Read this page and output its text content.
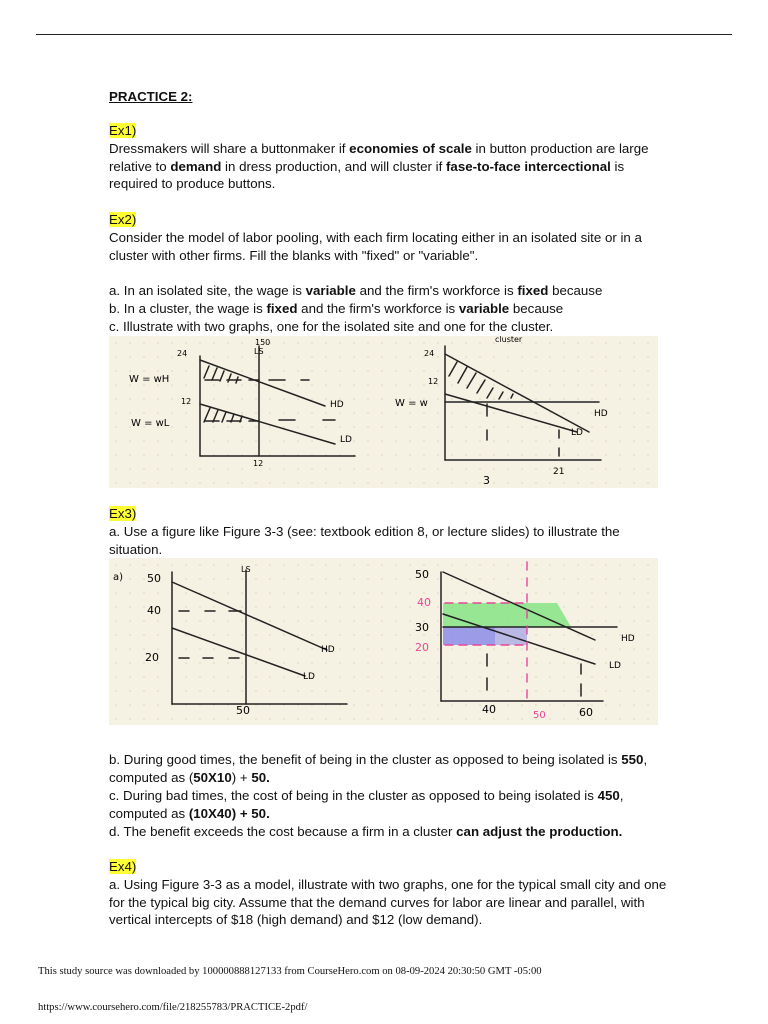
PRACTICE 2:
Ex1)
Dressmakers will share a buttonmaker if economies of scale in button production are large relative to demand in dress production, and will cluster if fase-to-face intercectional is required to produce buttons.
Ex2)
Consider the model of labor pooling, with each firm locating either in an isolated site or in a cluster with other firms. Fill the blanks with "fixed" or "variable".
a. In an isolated site, the wage is variable and the firm's workforce is fixed because
b. In a cluster, the wage is fixed and the firm's workforce is variable because
c. Illustrate with two graphs, one for the isolated site and one for the cluster.
Ex3)
a. Use a figure like Figure 3-3 (see: textbook edition 8, or lecture slides) to illustrate the situation.
b. During good times, the benefit of being in the cluster as opposed to being isolated is 550, computed as (50X10) + 50.
c. During bad times, the cost of being in the cluster as opposed to being isolated is 450, computed as (10X40) + 50.
d. The benefit exceeds the cost because a firm in a cluster can adjust the production.
Ex4)
a. Using Figure 3-3 as a model, illustrate with two graphs, one for the typical small city and one for the typical big city. Assume that the demand curves for labor are linear and parallel, with vertical intercepts of $18 (high demand) and $12 (low demand).
150
LS
24
12
W = wH
W = wL
HD
LD
12
cluster
24
12
W = w
HD
LD
3
21
a) 50
40
20
LS
HD
LD
50
50
40
30
20
HD
LD
40	50	60
This study source was downloaded by 100000888127133 from CourseHero.com on 08-09-2024 20:30:50 GMT -05:00
https://www.coursehero.com/file/218255783/PRACTICE-2pdf/
